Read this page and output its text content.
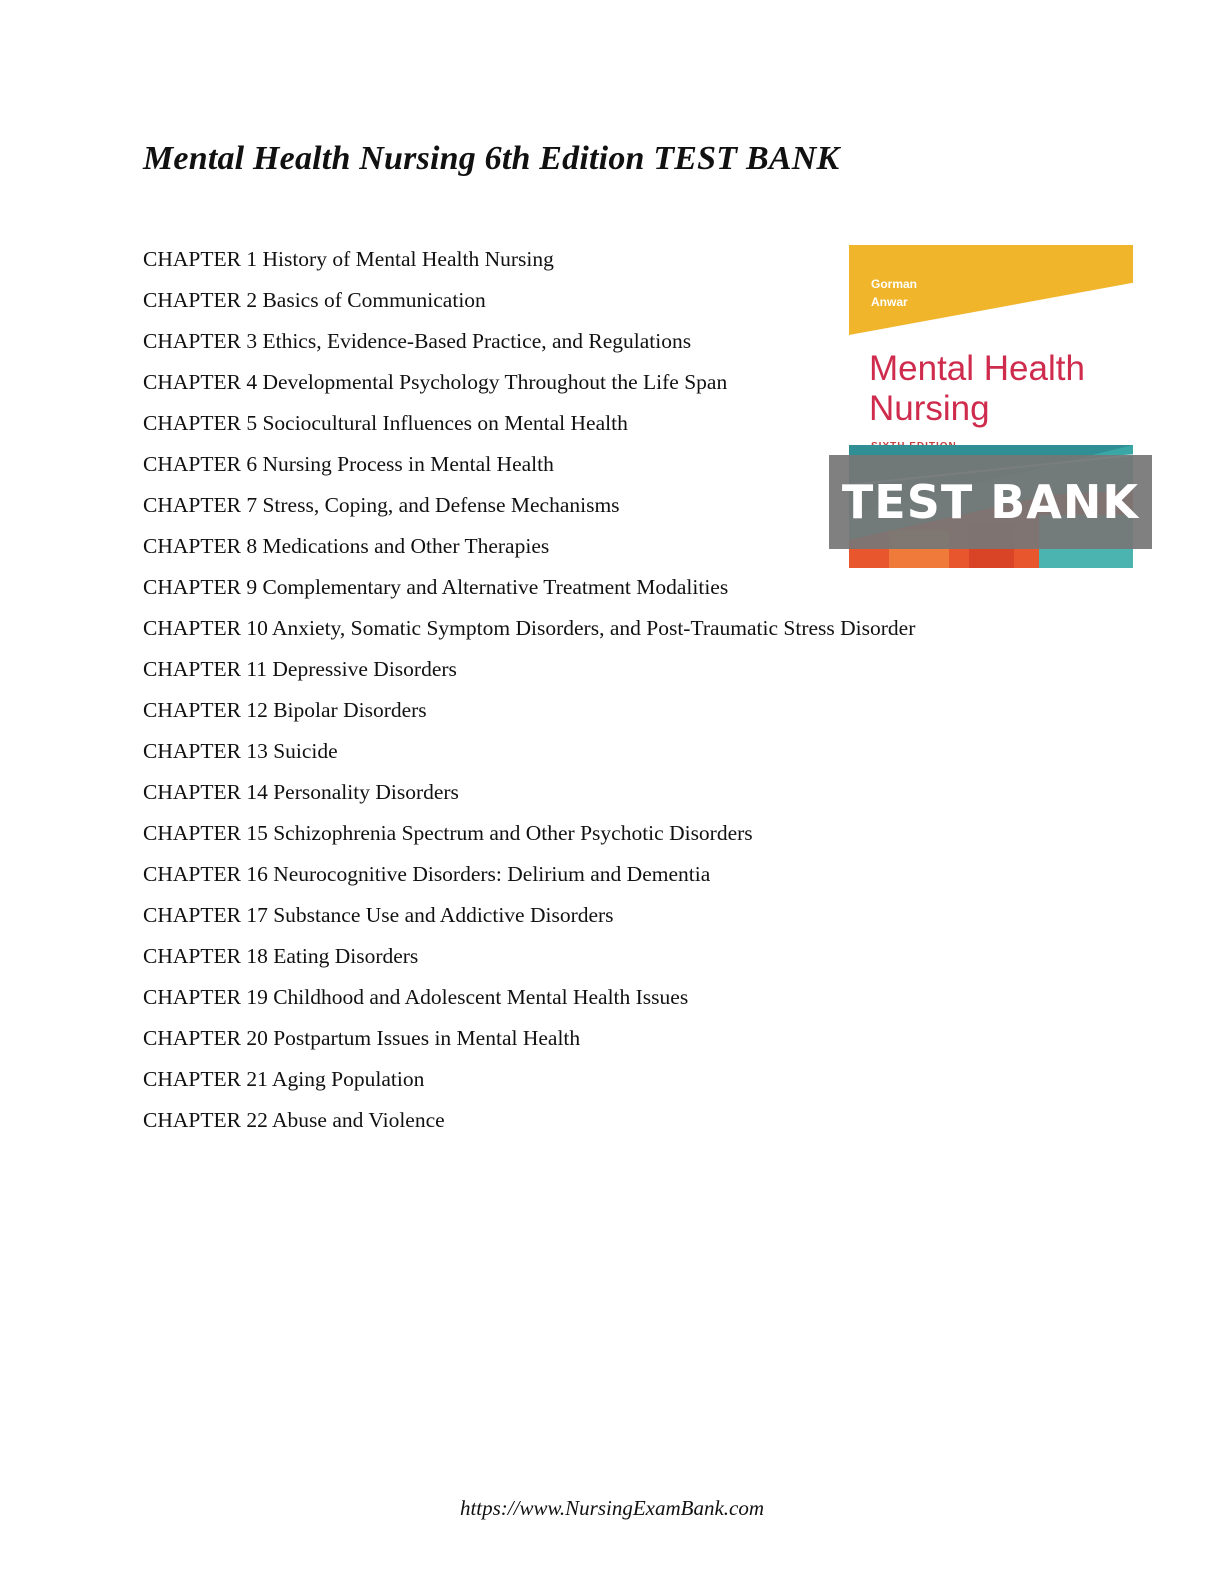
Mental Health Nursing 6th Edition TEST BANK
CHAPTER 1 History of Mental Health Nursing
CHAPTER 2 Basics of Communication
CHAPTER 3 Ethics, Evidence-Based Practice, and Regulations
CHAPTER 4 Developmental Psychology Throughout the Life Span
CHAPTER 5 Sociocultural Influences on Mental Health
CHAPTER 6 Nursing Process in Mental Health
CHAPTER 7 Stress, Coping, and Defense Mechanisms
CHAPTER 8 Medications and Other Therapies
CHAPTER 9 Complementary and Alternative Treatment Modalities
CHAPTER 10 Anxiety, Somatic Symptom Disorders, and Post-Traumatic Stress Disorder
CHAPTER 11 Depressive Disorders
CHAPTER 12 Bipolar Disorders
CHAPTER 13 Suicide
CHAPTER 14 Personality Disorders
CHAPTER 15 Schizophrenia Spectrum and Other Psychotic Disorders
CHAPTER 16 Neurocognitive Disorders: Delirium and Dementia
CHAPTER 17 Substance Use and Addictive Disorders
CHAPTER 18 Eating Disorders
CHAPTER 19 Childhood and Adolescent Mental Health Issues
CHAPTER 20 Postpartum Issues in Mental Health
CHAPTER 21 Aging Population
CHAPTER 22 Abuse and Violence
Gorman
Anwar
Mental Health
Nursing
TEST BANK
https://www.NursingExamBank.com
